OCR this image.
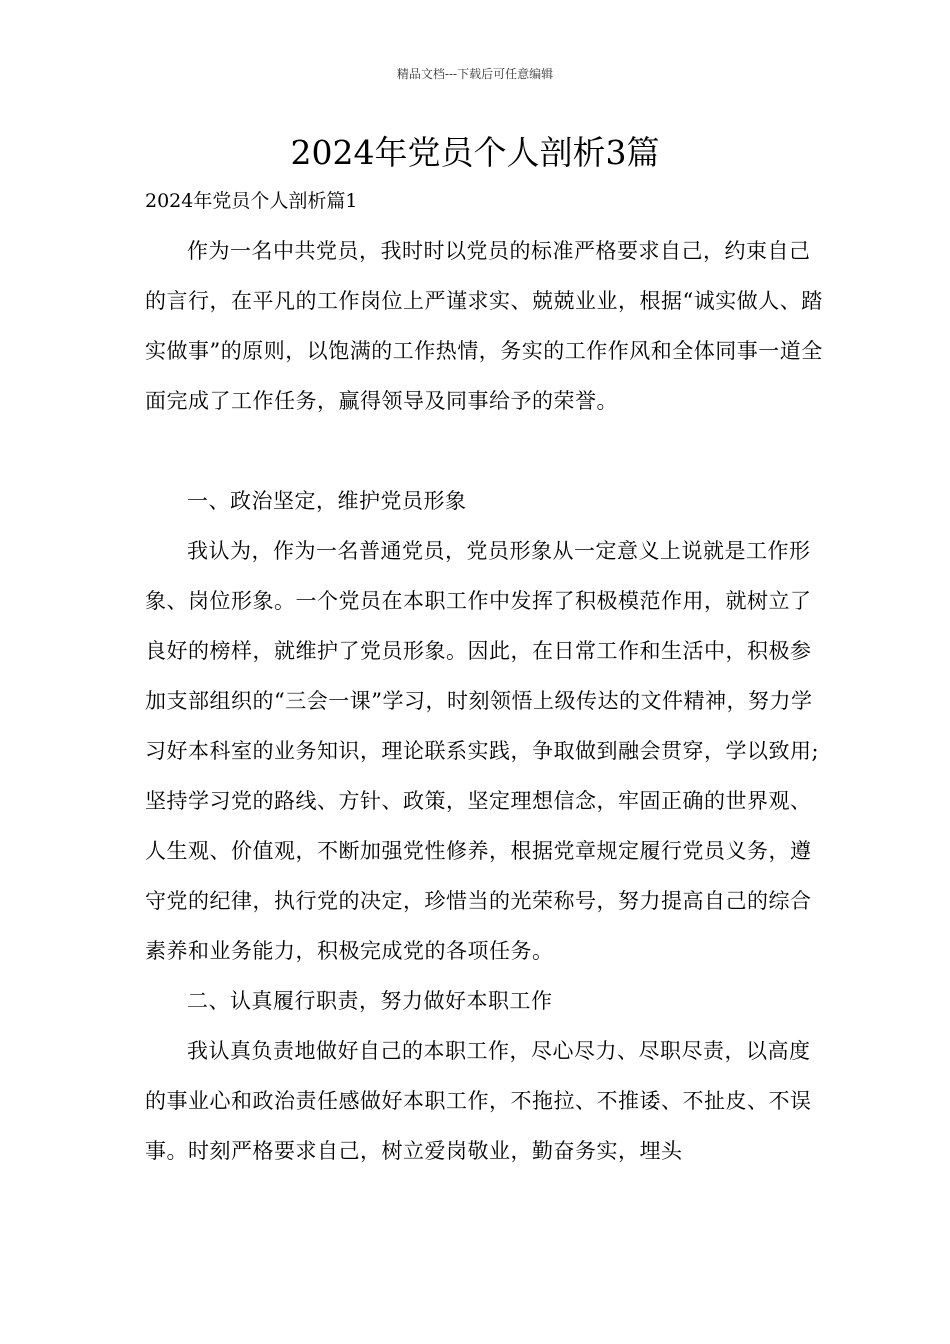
精品文档---下载后可任意编辑
2024年党员个人剖析3篇

2024年党员个人剖析篇1

作为一名中共党员，我时时以党员的标准严格要求自己，约束自己的言行，在平凡的工作岗位上严谨求实、兢兢业业，根据“诚实做人、踏实做事”的原则，以饱满的工作热情，务实的工作作风和全体同事一道全面完成了工作任务，赢得领导及同事给予的荣誉。

一、政治坚定，维护党员形象

我认为，作为一名普通党员，党员形象从一定意义上说就是工作形象、岗位形象。一个党员在本职工作中发挥了积极模范作用，就树立了良好的榜样，就维护了党员形象。因此，在日常工作和生活中，积极参加支部组织的“三会一课”学习，时刻领悟上级传达的文件精神，努力学习好本科室的业务知识，理论联系实践，争取做到融会贯穿，学以致用;坚持学习党的路线、方针、政策，坚定理想信念，牢固正确的世界观、人生观、价值观，不断加强党性修养，根据党章规定履行党员义务，遵守党的纪律，执行党的决定，珍惜当的光荣称号，努力提高自己的综合素养和业务能力，积极完成党的各项任务。

二、认真履行职责，努力做好本职工作

我认真负责地做好自己的本职工作，尽心尽力、尽职尽责，以高度的事业心和政治责任感做好本职工作，不拖拉、不推诿、不扯皮、不误事。时刻严格要求自己，树立爱岗敬业，勤奋务实，埋头
